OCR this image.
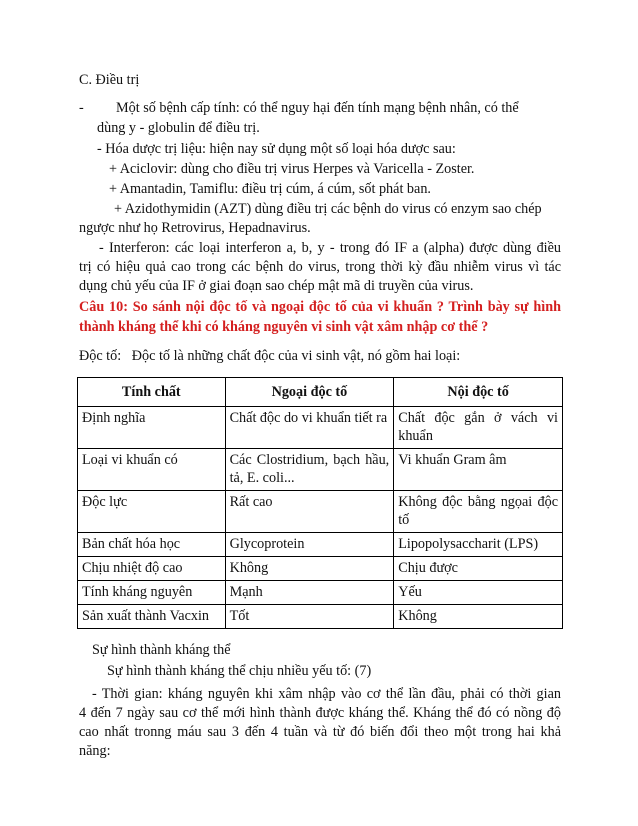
C. Điều trị
- Một số bệnh cấp tính: có thể nguy hại đến tính mạng bệnh nhân, có thể
dùng y - globulin để điều trị.
- Hóa dược trị liệu: hiện nay sử dụng một số loại hóa dược sau:
+ Aciclovir: dùng cho điều trị virus Herpes và Varicella - Zoster.
+ Amantadin, Tamiflu: điều trị cúm, á cúm, sốt phát ban.
+ Azidothymidin (AZT) dùng điều trị các bệnh do virus có enzym sao chép
ngược như họ Retrovirus, Hepadnavirus.
- Interferon: các loại interferon a, b, y - trong đó IF a (alpha) được dùng điều
trị có hiệu quả cao trong các bệnh do virus, trong thời kỳ đầu nhiễm virus vì tác
dụng chủ yếu của IF ở giai đoạn sao chép mật mã di truyền của virus.
Câu 10: So sánh nội độc tố và ngoại độc tố của vi khuẩn ? Trình bày sự hình
thành kháng thể khi có kháng nguyên vi sinh vật xâm nhập cơ thể ?
Độc tố:   Độc tố là những chất độc của vi sinh vật, nó gồm hai loại:
Tính chất	Ngoại độc tố	Nội độc tố
Định nghĩa	Chất độc do vi khuẩn tiết ra	Chất độc gắn ở vách vi khuẩn
Loại vi khuẩn có	Các Clostridium, bạch hầu, tả, E. coli...	Vi khuẩn Gram âm
Độc lực	Rất cao	Không độc bằng ngọai độc tố
Bản chất hóa học	Glycoprotein	Lipopolysaccharit (LPS)
Chịu nhiệt độ cao	Không	Chịu được
Tính kháng nguyên	Mạnh	Yếu
Sản xuất thành Vacxin	Tốt	Không
Sự hình thành kháng thể
Sự hình thành kháng thể chịu nhiều yếu tố: (7)
- Thời gian: kháng nguyên khi xâm nhập vào cơ thể lần đầu, phải có thời gian
4 đến 7 ngày sau cơ thể mới hình thành được kháng thể. Kháng thể đó có nồng độ
cao nhất tronng máu sau 3 đến 4 tuần và từ đó biến đổi theo một trong hai khả
năng:
